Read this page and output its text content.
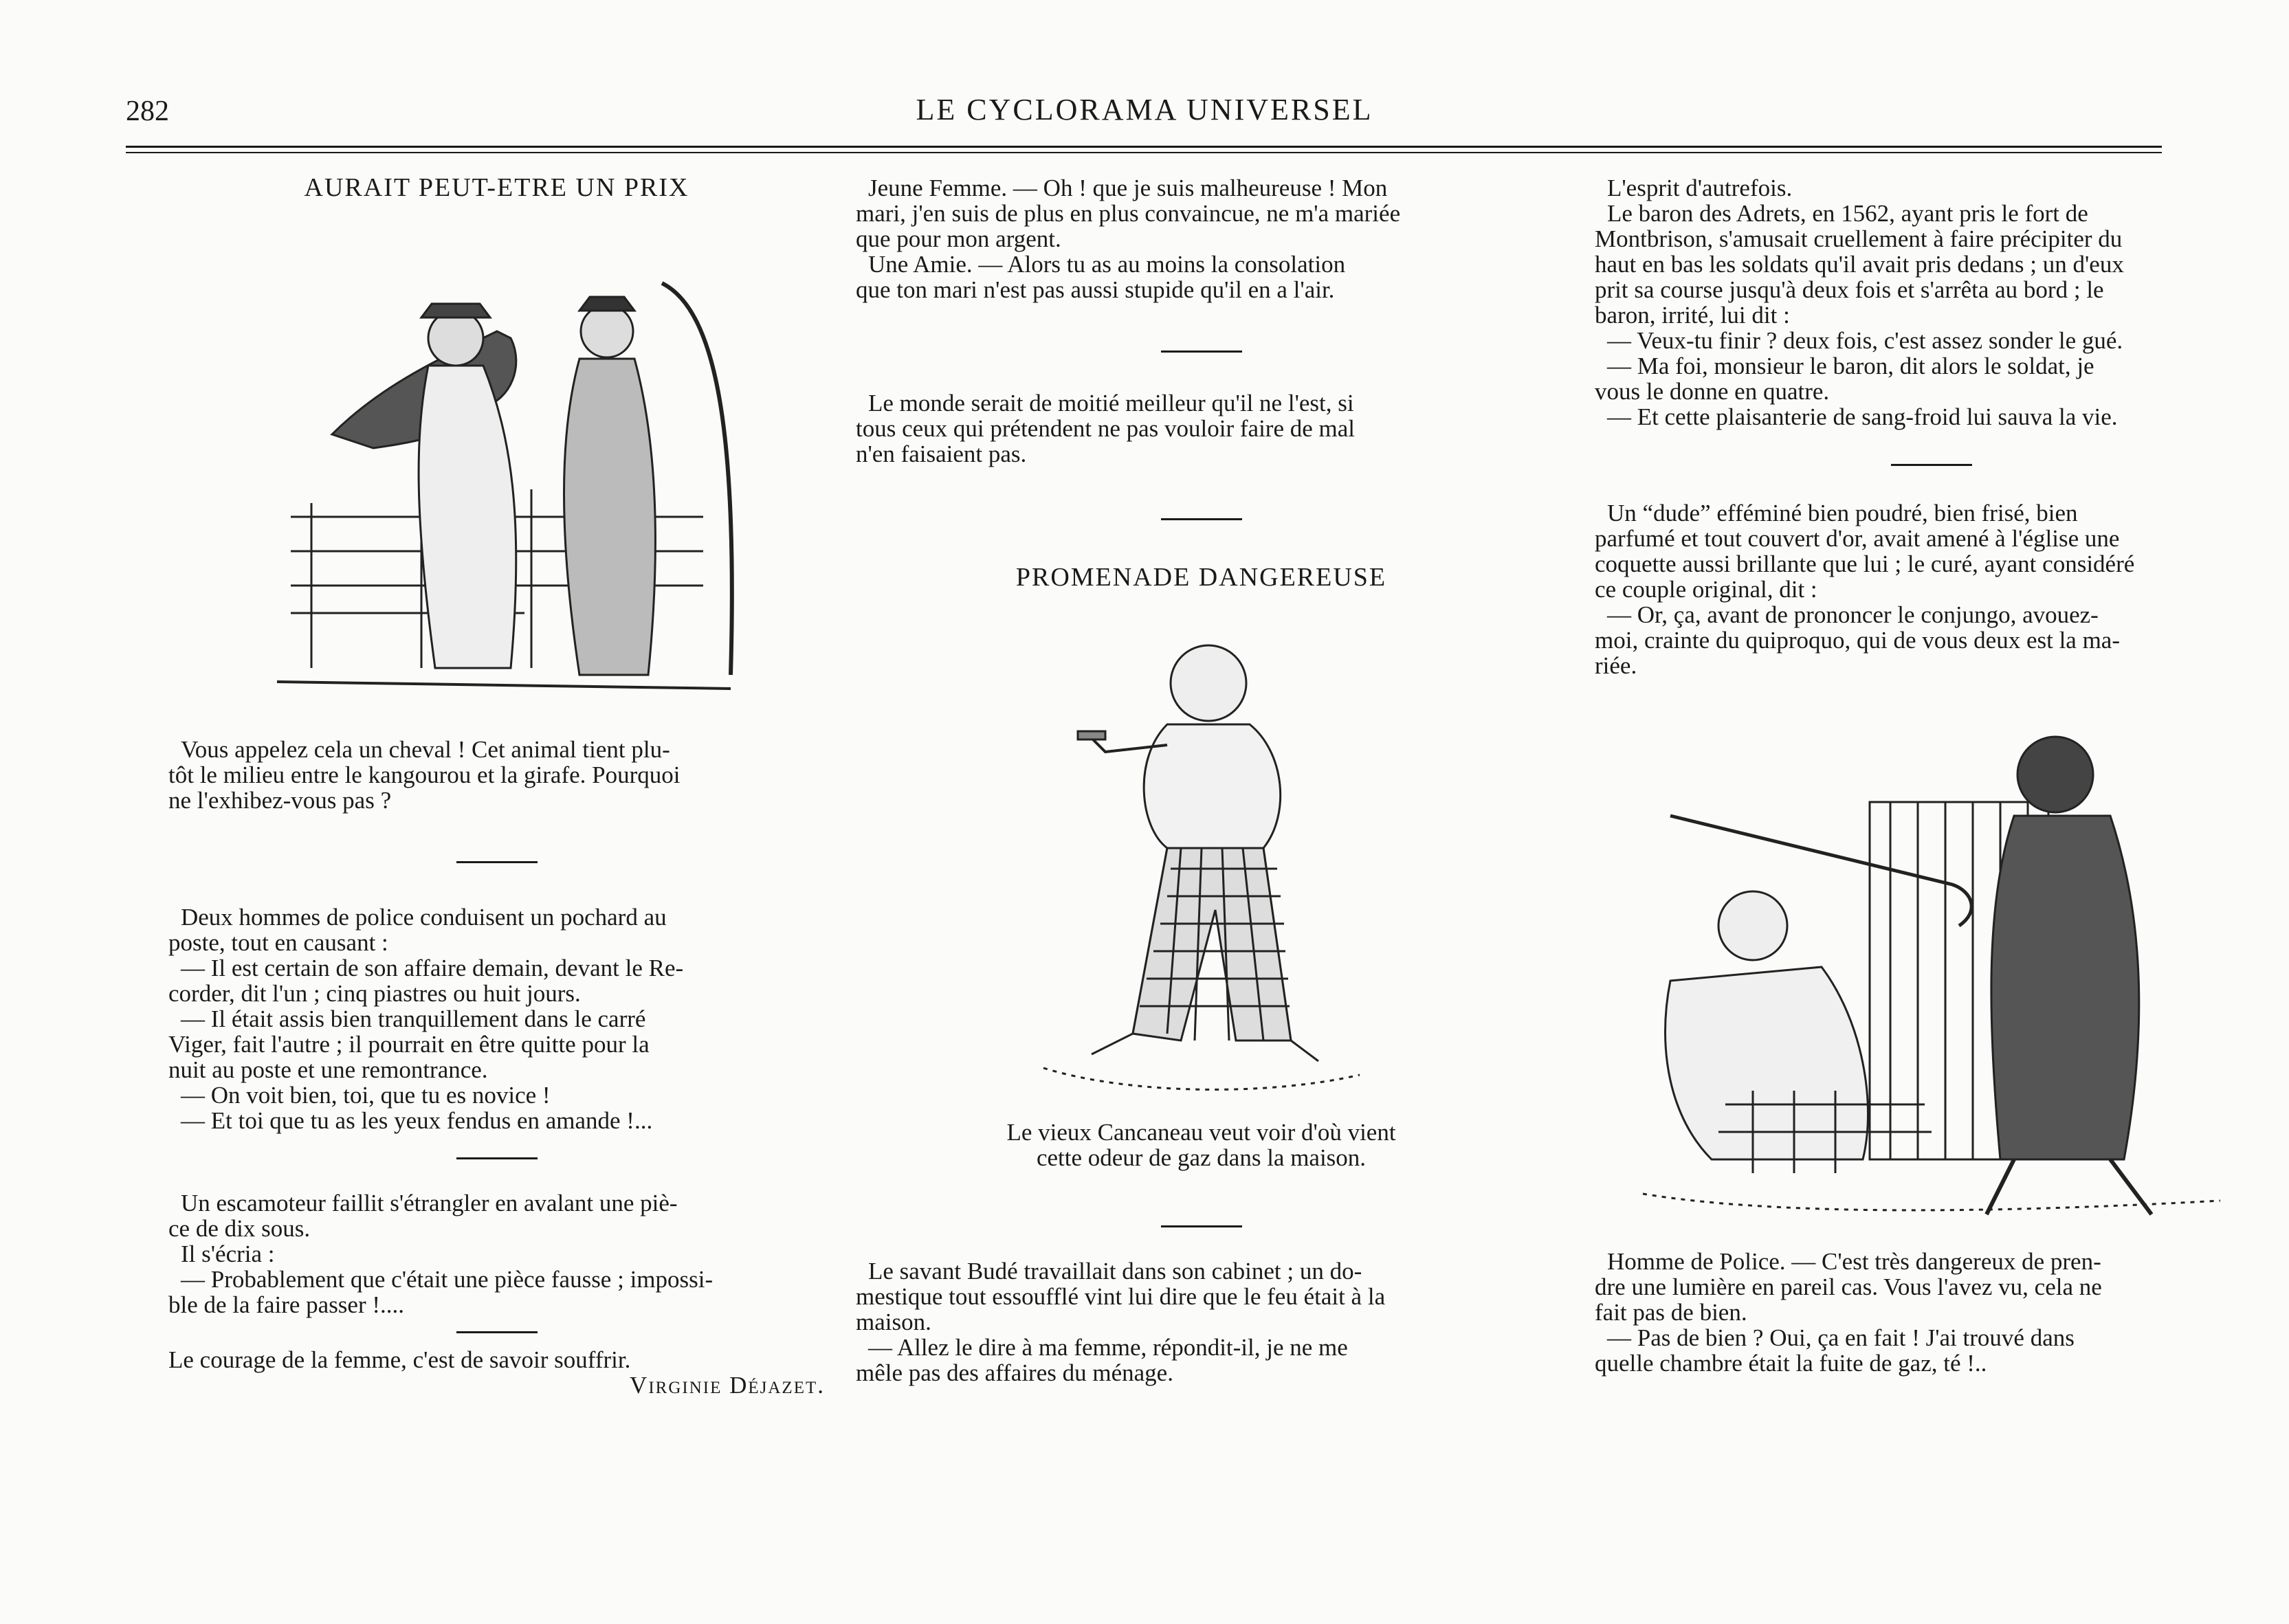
282	LE CYCLORAMA UNIVERSEL
AURAIT PEUT-ETRE UN PRIX

Vous appelez cela un cheval ! Cet animal tient plu-

tôt le milieu entre le kangourou et la girafe. Pourquoi

ne l'exhibez-vous pas ?

Deux hommes de police conduisent un pochard au

poste, tout en causant :

— Il est certain de son affaire demain, devant le Re-

corder, dit l'un ; cinq piastres ou huit jours.

— Il était assis bien tranquillement dans le carré

Viger, fait l'autre ; il pourrait en être quitte pour la

nuit au poste et une remontrance.

— On voit bien, toi, que tu es novice !

— Et toi que tu as les yeux fendus en amande !...

Un escamoteur faillit s'étrangler en avalant une piè-

ce de dix sous.

Il s'écria :

— Probablement que c'était une pièce fausse ; impossi-

ble de la faire passer !....

Le courage de la femme, c'est de savoir souffrir.

Virginie Déjazet.

Jeune Femme. — Oh ! que je suis malheureuse ! Mon

mari, j'en suis de plus en plus convaincue, ne m'a mariée

que pour mon argent.

Une Amie. — Alors tu as au moins la consolation

que ton mari n'est pas aussi stupide qu'il en a l'air.

Le monde serait de moitié meilleur qu'il ne l'est, si

tous ceux qui prétendent ne pas vouloir faire de mal

n'en faisaient pas.

PROMENADE DANGEREUSE

Le vieux Cancaneau veut voir d'où vient

cette odeur de gaz dans la maison.

Le savant Budé travaillait dans son cabinet ; un do-

mestique tout essoufflé vint lui dire que le feu était à la

maison.

— Allez le dire à ma femme, répondit-il, je ne me

mêle pas des affaires du ménage.

L'esprit d'autrefois.

Le baron des Adrets, en 1562, ayant pris le fort de

Montbrison, s'amusait cruellement à faire précipiter du

haut en bas les soldats qu'il avait pris dedans ; un d'eux

prit sa course jusqu'à deux fois et s'arrêta au bord ; le

baron, irrité, lui dit :

— Veux-tu finir ? deux fois, c'est assez sonder le gué.

— Ma foi, monsieur le baron, dit alors le soldat, je

vous le donne en quatre.

— Et cette plaisanterie de sang-froid lui sauva la vie.

Un “dude” efféminé bien poudré, bien frisé, bien

parfumé et tout couvert d'or, avait amené à l'église une

coquette aussi brillante que lui ; le curé, ayant considéré

ce couple original, dit :

— Or, ça, avant de prononcer le conjungo, avouez-

moi, crainte du quiproquo, qui de vous deux est la ma-

riée.

Homme de Police. — C'est très dangereux de pren-

dre une lumière en pareil cas. Vous l'avez vu, cela ne

fait pas de bien.

— Pas de bien ? Oui, ça en fait ! J'ai trouvé dans

quelle chambre était la fuite de gaz, té !..
